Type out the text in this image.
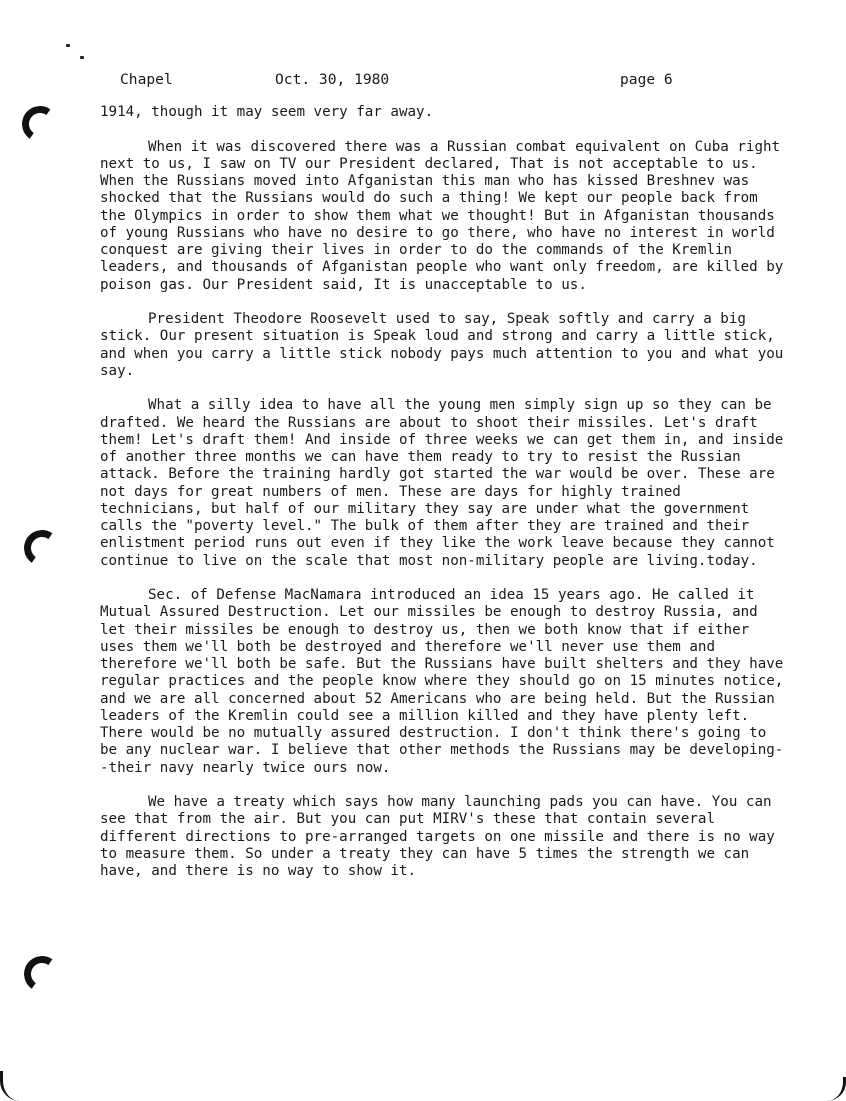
Chapel	Oct. 30, 1980	page 6

1914, though it may seem very far away.

When it was discovered there was a Russian combat equivalent on Cuba right next to us, I saw on TV our President declared, That is not acceptable to us. When the Russians moved into Afganistan this man who has kissed Breshnev was shocked that the Russians would do such a thing! We kept our people back from the Olympics in order to show them what we thought! But in Afganistan thousands of young Russians who have no desire to go there, who have no interest in world conquest are giving their lives in order to do the commands of the Kremlin leaders, and thousands of Afganistan people who want only freedom, are killed by poison gas. Our President said, It is unacceptable to us.

President Theodore Roosevelt used to say, Speak softly and carry a big stick. Our present situation is Speak loud and strong and carry a little stick, and when you carry a little stick nobody pays much attention to you and what you say.

What a silly idea to have all the young men simply sign up so they can be drafted. We heard the Russians are about to shoot their missiles. Let's draft them! Let's draft them! And inside of three weeks we can get them in, and inside of another three months we can have them ready to try to resist the Russian attack. Before the training hardly got started the war would be over. These are not days for great numbers of men. These are days for highly trained technicians, but half of our military they say are under what the government calls the "poverty level." The bulk of them after they are trained and their enlistment period runs out even if they like the work leave because they cannot continue to live on the scale that most non-military people are living.today.

Sec. of Defense MacNamara introduced an idea 15 years ago. He called it Mutual Assured Destruction. Let our missiles be enough to destroy Russia, and let their missiles be enough to destroy us, then we both know that if either uses them we'll both be destroyed and therefore we'll never use them and therefore we'll both be safe. But the Russians have built shelters and they have regular practices and the people know where they should go on 15 minutes notice, and we are all concerned about 52 Americans who are being held. But the Russian leaders of the Kremlin could see a million killed and they have plenty left. There would be no mutually assured destruction. I don't think there's going to be any nuclear war. I believe that other methods the Russians may be developing--their navy nearly twice ours now.

We have a treaty which says how many launching pads you can have. You can see that from the air. But you can put MIRV's these that contain several different directions to pre-arranged targets on one missile and there is no way to measure them. So under a treaty they can have 5 times the strength we can have, and there is no way to show it.
